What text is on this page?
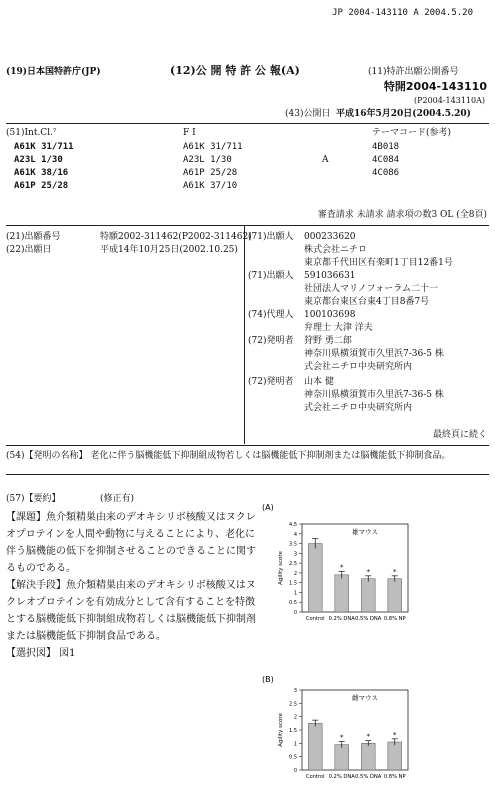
JP 2004-143110 A 2004.5.20
(19)日本国特許庁(JP)	(12)公 開 特 許 公 報(A)	(11)特許出願公開番号
特開2004-143110
(P2004-143110A)
(43)公開日 平成16年5月20日(2004.5.20)
(51)Int.Cl.⁷	F I	テーマコード(参考)
A61K 31/711	A61K 31/711	4B018
A23L 1/30	A23L 1/30	A	4C084
A61K 38/16	A61P 25/28	4C086
A61P 25/28	A61K 37/10
審査請求 未請求 請求項の数3 OL (全8頁)
(21)出願番号	特願2002-311462(P2002-311462)
(22)出願日	平成14年10月25日(2002.10.25)
(71)出願人 000233620
株式会社ニチロ
東京都千代田区有楽町1丁目12番1号
(71)出願人 591036631
社団法人マリノフォーラム二十一
東京都台東区台東4丁目8番7号
(74)代理人 100103698
弁理士 大津 洋夫
(72)発明者 狩野 勇二郎
神奈川県横須賀市久里浜7-36-5 株
式会社ニチロ中央研究所内
(72)発明者 山本 健
神奈川県横須賀市久里浜7-36-5 株
式会社ニチロ中央研究所内
最終頁に続く
(54)【発明の名称】 老化に伴う脳機能低下抑制組成物若しくは脳機能低下抑制剤または脳機能低下抑制食品。
(57)【要約】	(修正有)
【課題】魚介類精巣由来のデオキシリボ核酸又はヌクレ
オプロテインを人間や動物に与えることにより、老化に
伴う脳機能の低下を抑制させることのできることに関す
るものである。
【解決手段】魚介類精巣由来のデオキシリボ核酸又はヌ
クレオプロテインを有効成分として含有することを特徴
とする脳機能低下抑制組成物若しくは脳機能低下抑制剤
または脳機能低下抑制食品である。
【選択図】 図1
(A)
0
0.5
1
1.5
2
2.5
3
3.5
4
4.5
Agility score
雄マウス
Control
*
0.2% DNA
*
0.5% DNA
*
0.8% NP
(B)
0
0.5
1
1.5
2
2.5
3
Agility score
雌マウス
Control
*
0.2% DNA
*
0.5% DNA
*
0.8% NP
